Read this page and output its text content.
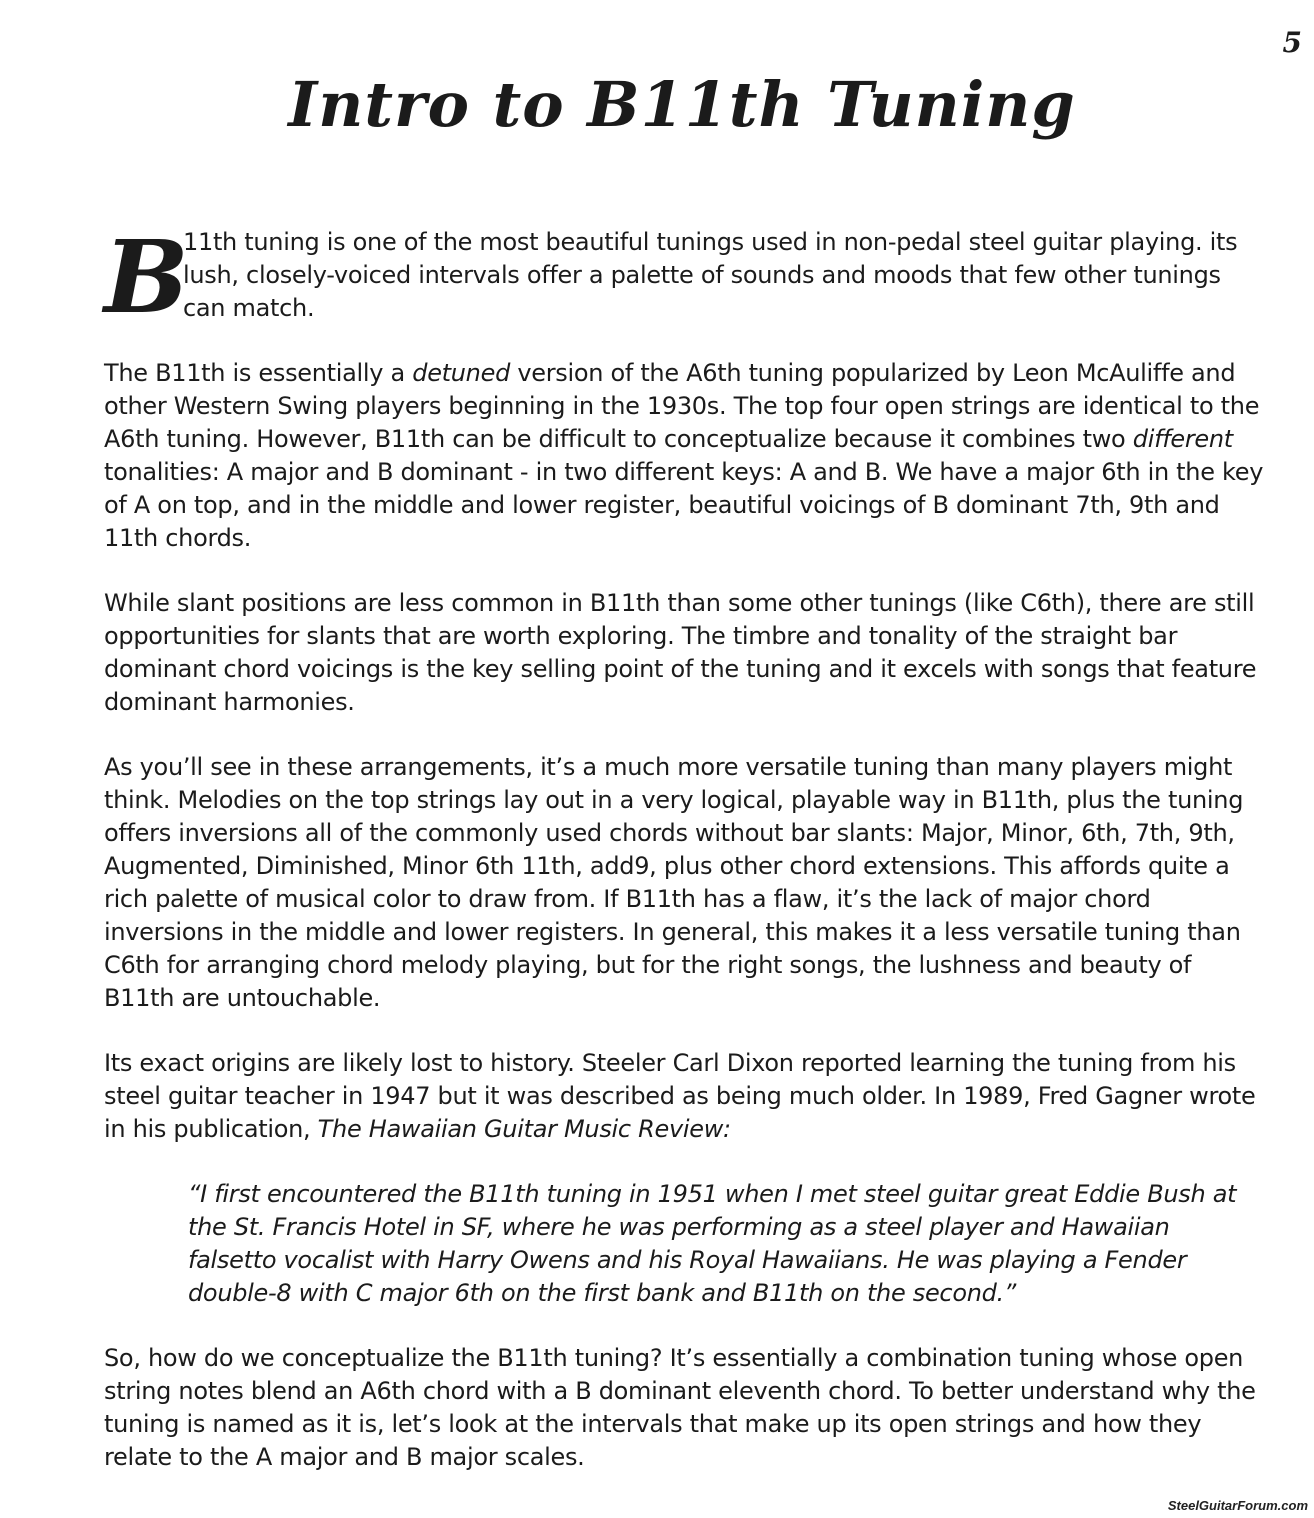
5
Intro to B11th Tuning

B
11th tuning is one of the most beautiful tunings used in non-pedal steel guitar playing. its lush, closely-voiced intervals offer a palette of sounds and moods that few other tunings can match.

The B11th is essentially a detuned version of the A6th tuning popularized by Leon McAuliffe and other Western Swing players beginning in the 1930s. The top four open strings are identical to the A6th tuning. However, B11th can be difficult to conceptualize because it combines two different tonalities: A major and B dominant - in two different keys: A and B. We have a major 6th in the key of A on top, and in the middle and lower register, beautiful voicings of B dominant 7th, 9th and 11th chords.

While slant positions are less common in B11th than some other tunings (like C6th), there are still opportunities for slants that are worth exploring. The timbre and tonality of the straight bar dominant chord voicings is the key selling point of the tuning and it excels with songs that feature dominant harmonies.

As you’ll see in these arrangements, it’s a much more versatile tuning than many players might think. Melodies on the top strings lay out in a very logical, playable way in B11th, plus the tuning offers inversions all of the commonly used chords without bar slants: Major, Minor, 6th, 7th, 9th, Augmented, Diminished, Minor 6th 11th, add9, plus other chord extensions. This affords quite a rich palette of musical color to draw from. If B11th has a flaw, it’s the lack of major chord inversions in the middle and lower registers. In general, this makes it a less versatile tuning than C6th for arranging chord melody playing, but for the right songs, the lushness and beauty of B11th are untouchable.

Its exact origins are likely lost to history. Steeler Carl Dixon reported learning the tuning from his steel guitar teacher in 1947 but it was described as being much older. In 1989, Fred Gagner wrote in his publication, The Hawaiian Guitar Music Review:

“I first encountered the B11th tuning in 1951 when I met steel guitar great Eddie Bush at the St. Francis Hotel in SF, where he was performing as a steel player and Hawaiian falsetto vocalist with Harry Owens and his Royal Hawaiians. He was playing a Fender double-8 with C major 6th on the first bank and B11th on the second.”

So, how do we conceptualize the B11th tuning? It’s essentially a combination tuning whose open string notes blend an A6th chord with a B dominant eleventh chord. To better understand why the tuning is named as it is, let’s look at the intervals that make up its open strings and how they relate to the A major and B major scales.

SteelGuitarForum.com
